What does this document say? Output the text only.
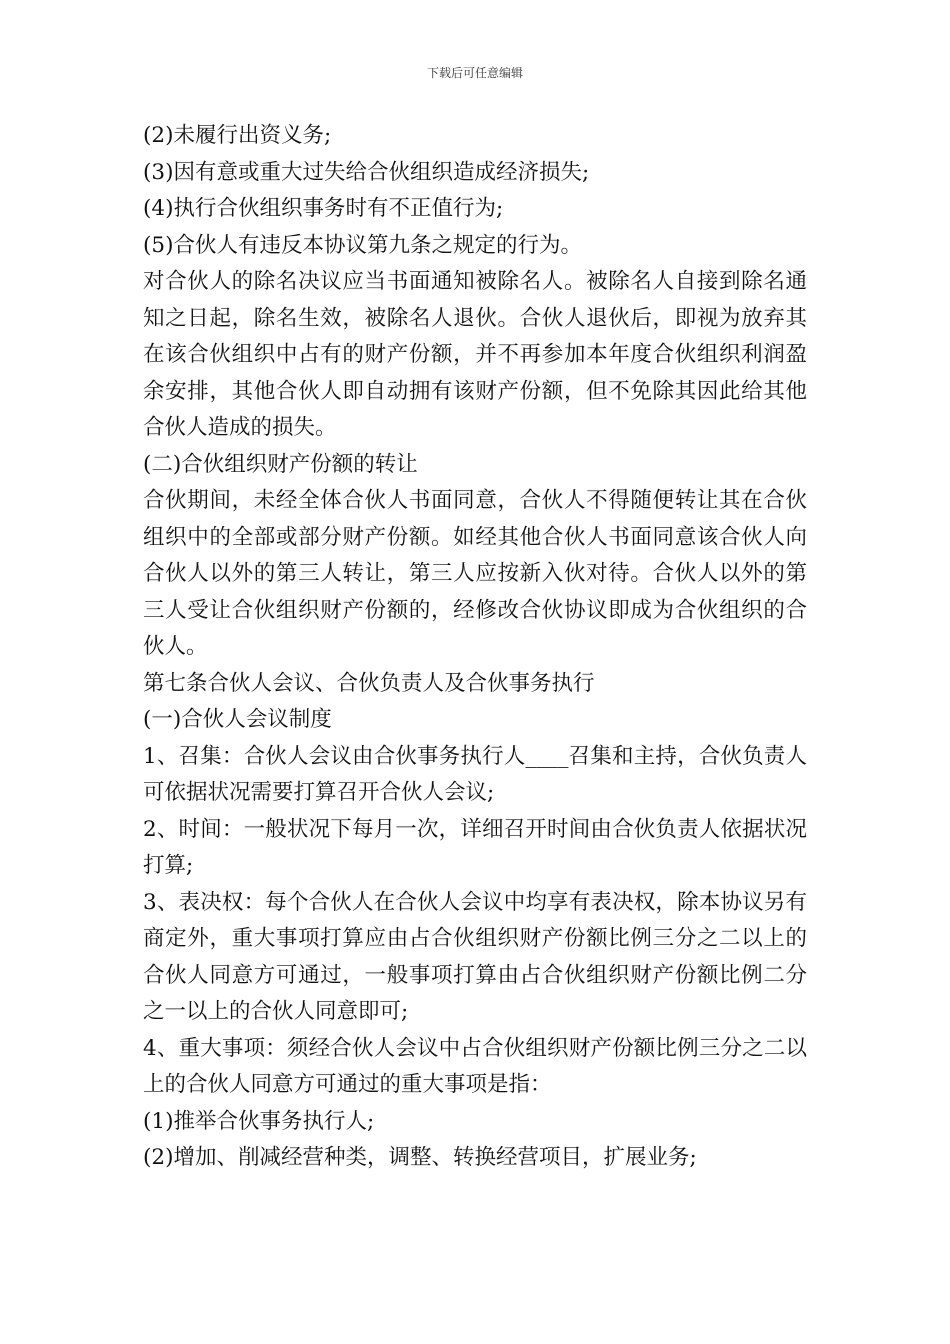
下载后可任意编辑

(2)未履行出资义务;

(3)因有意或重大过失给合伙组织造成经济损失;

(4)执行合伙组织事务时有不正值行为;

(5)合伙人有违反本协议第九条之规定的行为。

对合伙人的除名决议应当书面通知被除名人。被除名人自接到除名通知之日起，除名生效，被除名人退伙。合伙人退伙后，即视为放弃其在该合伙组织中占有的财产份额，并不再参加本年度合伙组织利润盈余安排，其他合伙人即自动拥有该财产份额，但不免除其因此给其他合伙人造成的损失。

(二)合伙组织财产份额的转让

合伙期间，未经全体合伙人书面同意，合伙人不得随便转让其在合伙组织中的全部或部分财产份额。如经其他合伙人书面同意该合伙人向合伙人以外的第三人转让，第三人应按新入伙对待。合伙人以外的第三人受让合伙组织财产份额的，经修改合伙协议即成为合伙组织的合伙人。

第七条合伙人会议、合伙负责人及合伙事务执行

(一)合伙人会议制度

1、召集：合伙人会议由合伙事务执行人____召集和主持，合伙负责人可依据状况需要打算召开合伙人会议;

2、时间：一般状况下每月一次，详细召开时间由合伙负责人依据状况打算;

3、表决权：每个合伙人在合伙人会议中均享有表决权，除本协议另有商定外，重大事项打算应由占合伙组织财产份额比例三分之二以上的合伙人同意方可通过，一般事项打算由占合伙组织财产份额比例二分之一以上的合伙人同意即可;

4、重大事项：须经合伙人会议中占合伙组织财产份额比例三分之二以上的合伙人同意方可通过的重大事项是指：

(1)推举合伙事务执行人;

(2)增加、削减经营种类，调整、转换经营项目，扩展业务;
